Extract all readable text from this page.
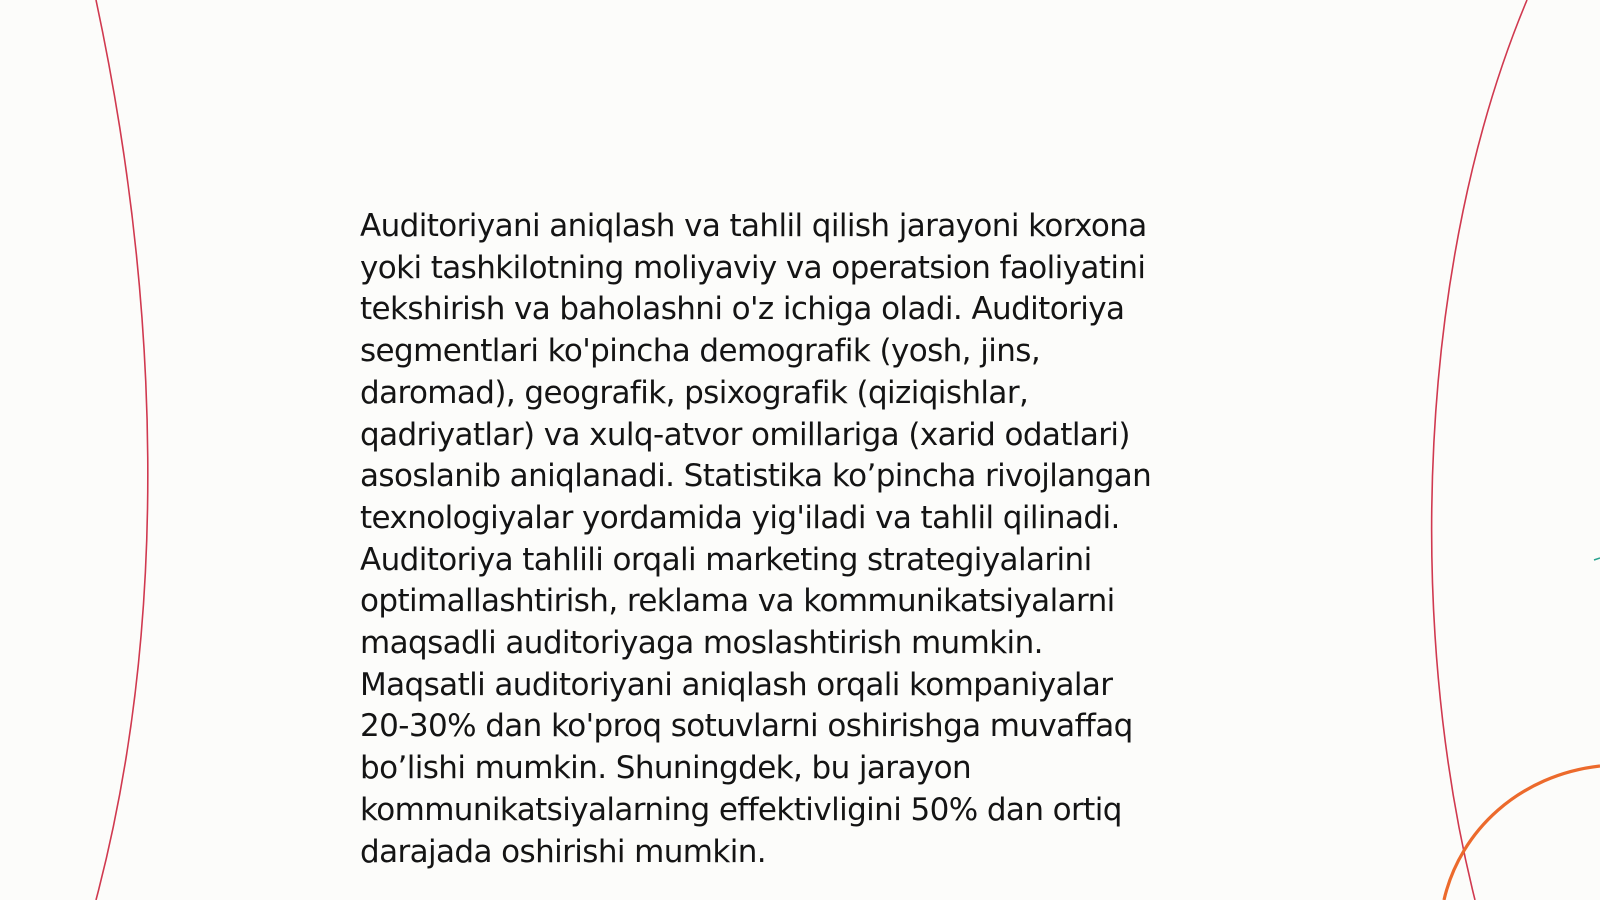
Auditoriyani aniqlash va tahlil qilish jarayoni korxona
yoki tashkilotning moliyaviy va operatsion faoliyatini
tekshirish va baholashni o'z ichiga oladi. Auditoriya
segmentlari ko'pincha demografik (yosh, jins,
daromad), geografik, psixografik (qiziqishlar,
qadriyatlar) va xulq-atvor omillariga (xarid odatlari)
asoslanib aniqlanadi. Statistika ko’pincha rivojlangan
texnologiyalar yordamida yig'iladi va tahlil qilinadi.
Auditoriya tahlili orqali marketing strategiyalarini
optimallashtirish, reklama va kommunikatsiyalarni
maqsadli auditoriyaga moslashtirish mumkin.
Maqsatli auditoriyani aniqlash orqali kompaniyalar
20-30% dan ko'proq sotuvlarni oshirishga muvaffaq
bo’lishi mumkin. Shuningdek, bu jarayon
kommunikatsiyalarning effektivligini 50% dan ortiq
darajada oshirishi mumkin.
